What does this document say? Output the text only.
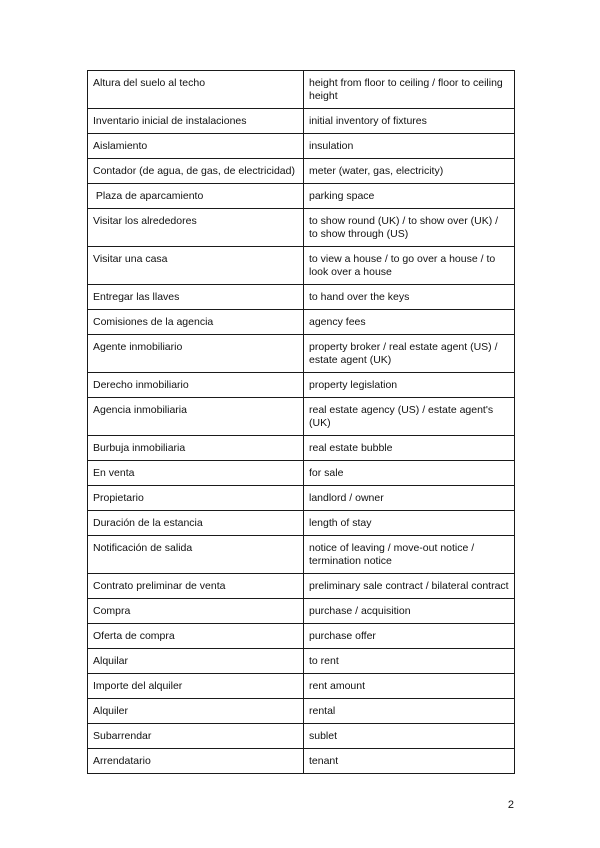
Altura del suelo al techo	height from floor to ceiling / floor to ceiling height
Inventario inicial de instalaciones	initial inventory of fixtures
Aislamiento	insulation
Contador (de agua, de gas, de electricidad)	meter (water, gas, electricity)
Plaza de aparcamiento	parking space
Visitar los alrededores	to show round (UK) / to show over (UK) / to show through (US)
Visitar una casa	to view a house / to go over a house / to look over a house
Entregar las llaves	to hand over the keys
Comisiones de la agencia	agency fees
Agente inmobiliario	property broker / real estate agent (US) / estate agent (UK)
Derecho inmobiliario	property legislation
Agencia inmobiliaria	real estate agency (US) / estate agent's (UK)
Burbuja inmobiliaria	real estate bubble
En venta	for sale
Propietario	landlord / owner
Duración de la estancia	length of stay
Notificación de salida	notice of leaving / move-out notice / termination notice
Contrato preliminar de venta	preliminary sale contract / bilateral contract
Compra	purchase / acquisition
Oferta de compra	purchase offer
Alquilar	to rent
Importe del alquiler	rent amount
Alquiler	rental
Subarrendar	sublet
Arrendatario	tenant
2
